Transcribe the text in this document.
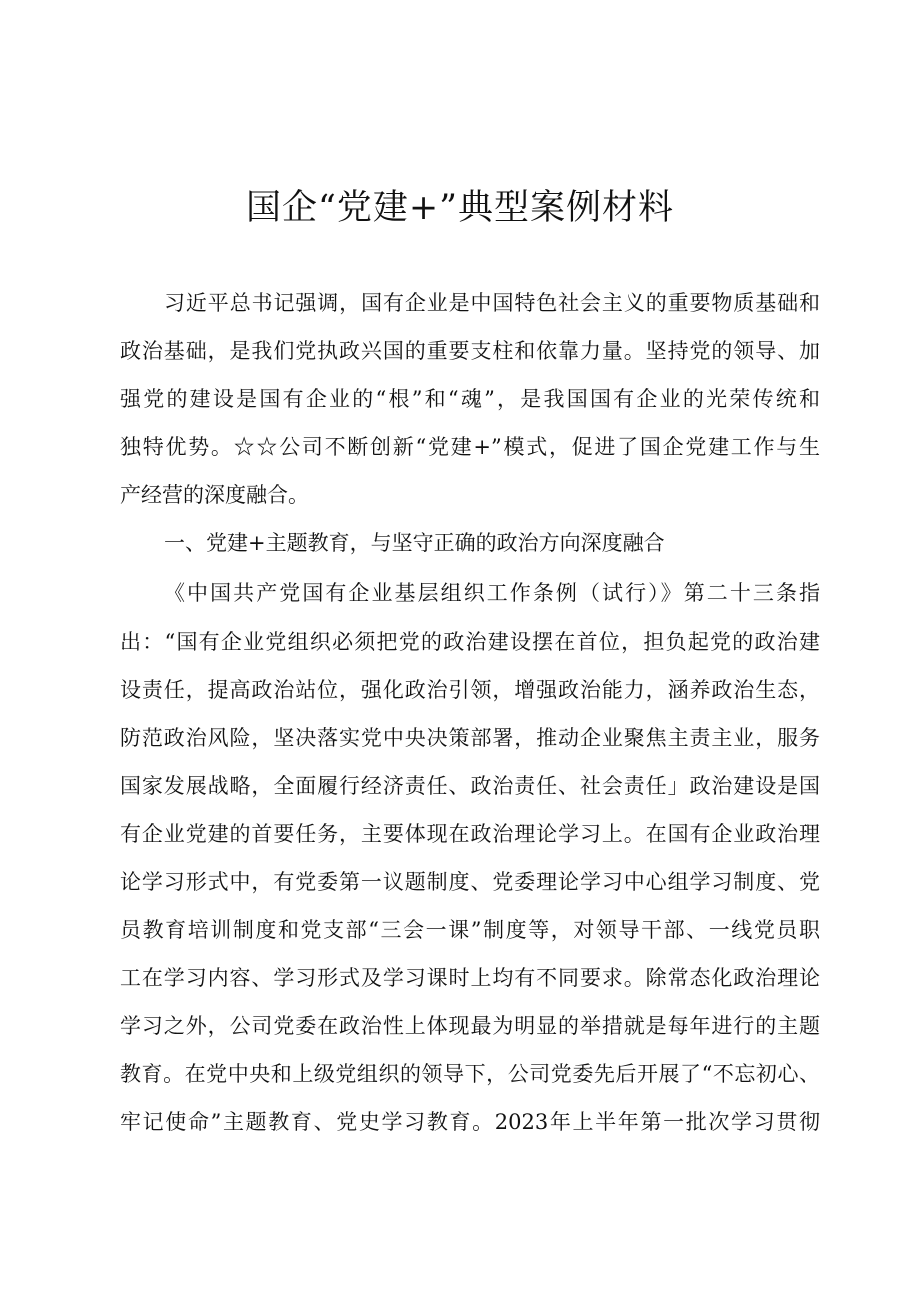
国企“党建+”典型案例材料
习近平总书记强调，国有企业是中国特色社会主义的重要物质基础和
政治基础，是我们党执政兴国的重要支柱和依靠力量。坚持党的领导、加
强党的建设是国有企业的“根”和“魂”，是我国国有企业的光荣传统和
独特优势。☆☆公司不断创新“党建+”模式，促进了国企党建工作与生
产经营的深度融合。
一、党建+主题教育，与坚守正确的政治方向深度融合
《中国共产党国有企业基层组织工作条例（试行）》第二十三条指
出：“国有企业党组织必须把党的政治建设摆在首位，担负起党的政治建
设责任，提高政治站位，强化政治引领，增强政治能力，涵养政治生态，
防范政治风险，坚决落实党中央决策部署，推动企业聚焦主责主业，服务
国家发展战略，全面履行经济责任、政治责任、社会责任」政治建设是国
有企业党建的首要任务，主要体现在政治理论学习上。在国有企业政治理
论学习形式中，有党委第一议题制度、党委理论学习中心组学习制度、党
员教育培训制度和党支部“三会一课”制度等，对领导干部、一线党员职
工在学习内容、学习形式及学习课时上均有不同要求。除常态化政治理论
学习之外，公司党委在政治性上体现最为明显的举措就是每年进行的主题
教育。在党中央和上级党组织的领导下，公司党委先后开展了“不忘初心、
牢记使命”主题教育、党史学习教育。2023年上半年第一批次学习贯彻
